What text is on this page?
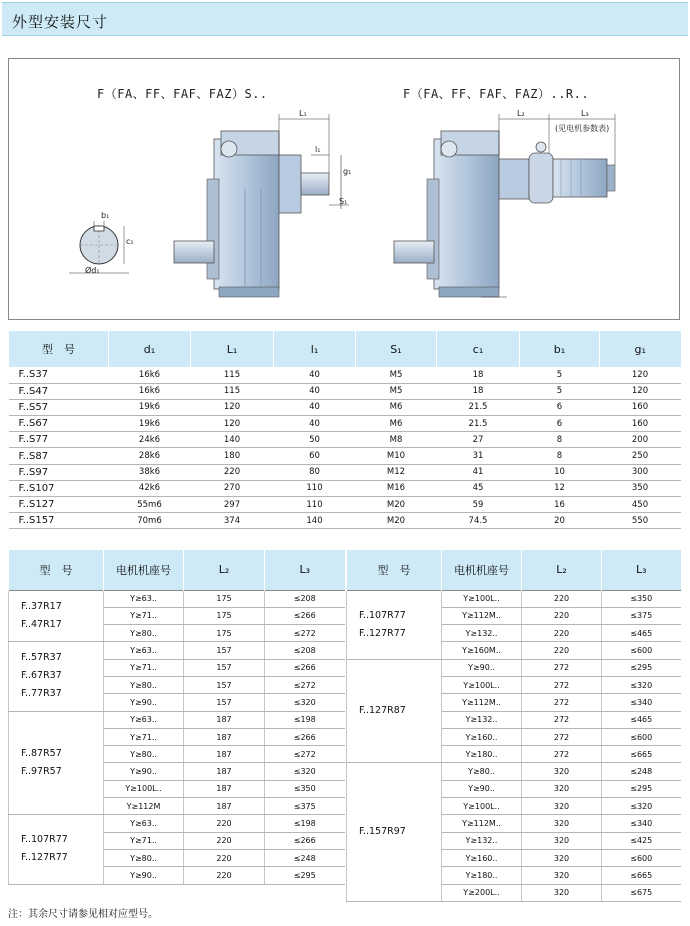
外型安装尺寸
F（FA、FF、FAF、FAZ）S..	F（FA、FF、FAF、FAZ）..R..
L₁
l₁
g₁
S₁
b₁
c₁
Ød₁
L₂	L₃
(见电机参数表)
型　号	d₁	L₁	l₁	S₁	c₁	b₁	g₁
F..S37	16k6	115	40	M5	18	5	120
F..S47	16k6	115	40	M5	18	5	120
F..S57	19k6	120	40	M6	21.5	6	160
F..S67	19k6	120	40	M6	21.5	6	160
F..S77	24k6	140	50	M8	27	8	200
F..S87	28k6	180	60	M10	31	8	250
F..S97	38k6	220	80	M12	41	10	300
F..S107	42k6	270	110	M16	45	12	350
F..S127	55m6	297	110	M20	59	16	450
F..S157	70m6	374	140	M20	74.5	20	550
型　号	电机机座号	L₂	L₃

F..37R17
F..47R17	Y≥63..	175	≤208
	Y≥71..	175	≤266
	Y≥80..	175	≤272

F..57R37
F..67R37
F..77R37	Y≥63..	157	≤208
	Y≥71..	157	≤266
	Y≥80..	157	≤272
	Y≥90..	157	≤320

F..87R57
F..97R57	Y≥63..	187	≤198
	Y≥71..	187	≤266
	Y≥80..	187	≤272
	Y≥90..	187	≤320
	Y≥100L..	187	≤350
	Y≥112M	187	≤375

F..107R77
F..127R77	Y≥63..	220	≤198
	Y≥71..	220	≤266
	Y≥80..	220	≤248
	Y≥90..	220	≤295
型　号	电机机座号	L₂	L₃

F..107R77
F..127R77	Y≥100L..	220	≤350
	Y≥112M..	220	≤375
	Y≥132..	220	≤465
	Y≥160M..	220	≤600

F..127R87	Y≥90..	272	≤295
	Y≥100L..	272	≤320
	Y≥112M..	272	≤340
	Y≥132..	272	≤465
	Y≥160..	272	≤600
	Y≥180..	272	≤665

F..157R97	Y≥80..	320	≤248
	Y≥90..	320	≤295
	Y≥100L..	320	≤320
	Y≥112M..	320	≤340
	Y≥132..	320	≤425
	Y≥160..	320	≤600
	Y≥180..	320	≤665
	Y≥200L..	320	≤675
注：其余尺寸请参见相对应型号。
